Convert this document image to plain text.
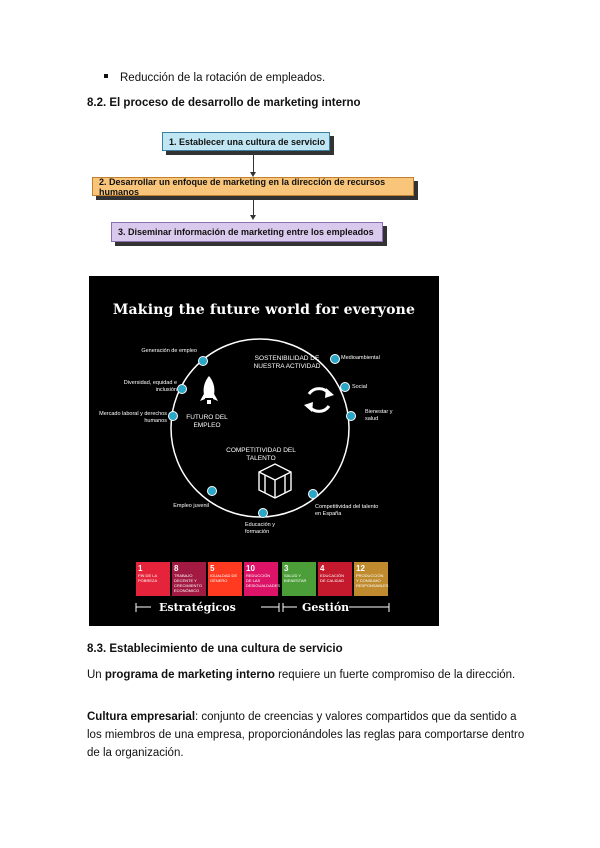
Reducción de la rotación de empleados.
8.2. El proceso de desarrollo de marketing interno
1. Establecer una cultura de servicio
2. Desarrollar un enfoque de marketing en la dirección de recursos humanos
3. Diseminar información de marketing entre los empleados
Making the future world for everyone
SOSTENIBILIDAD DE NUESTRA ACTIVIDAD
FUTURO DEL EMPLEO
COMPETITIVIDAD DEL TALENTO
Generación de empleo
Diversidad, equidad e inclusión
Mercado laboral y derechos humanos
Empleo juvenil
Medioambiental
Social
Bienestar y salud
Competitividad del talento en España
Educación y formación
1
FIN DE LA POBREZA
8
TRABAJO DECENTE Y CRECIMIENTO ECONÓMICO
5
IGUALDAD DE GÉNERO
10
REDUCCIÓN DE LAS DESIGUALDADES
3
SALUD Y BIENESTAR
4
EDUCACIÓN DE CALIDAD
12
PRODUCCIÓN Y CONSUMO RESPONSABLES
Estratégicos	Gestión
8.3. Establecimiento de una cultura de servicio
Un programa de marketing interno requiere un fuerte compromiso de la dirección.
Cultura empresarial: conjunto de creencias y valores compartidos que da sentido a los miembros de una empresa, proporcionándoles las reglas para comportarse dentro de la organización.
